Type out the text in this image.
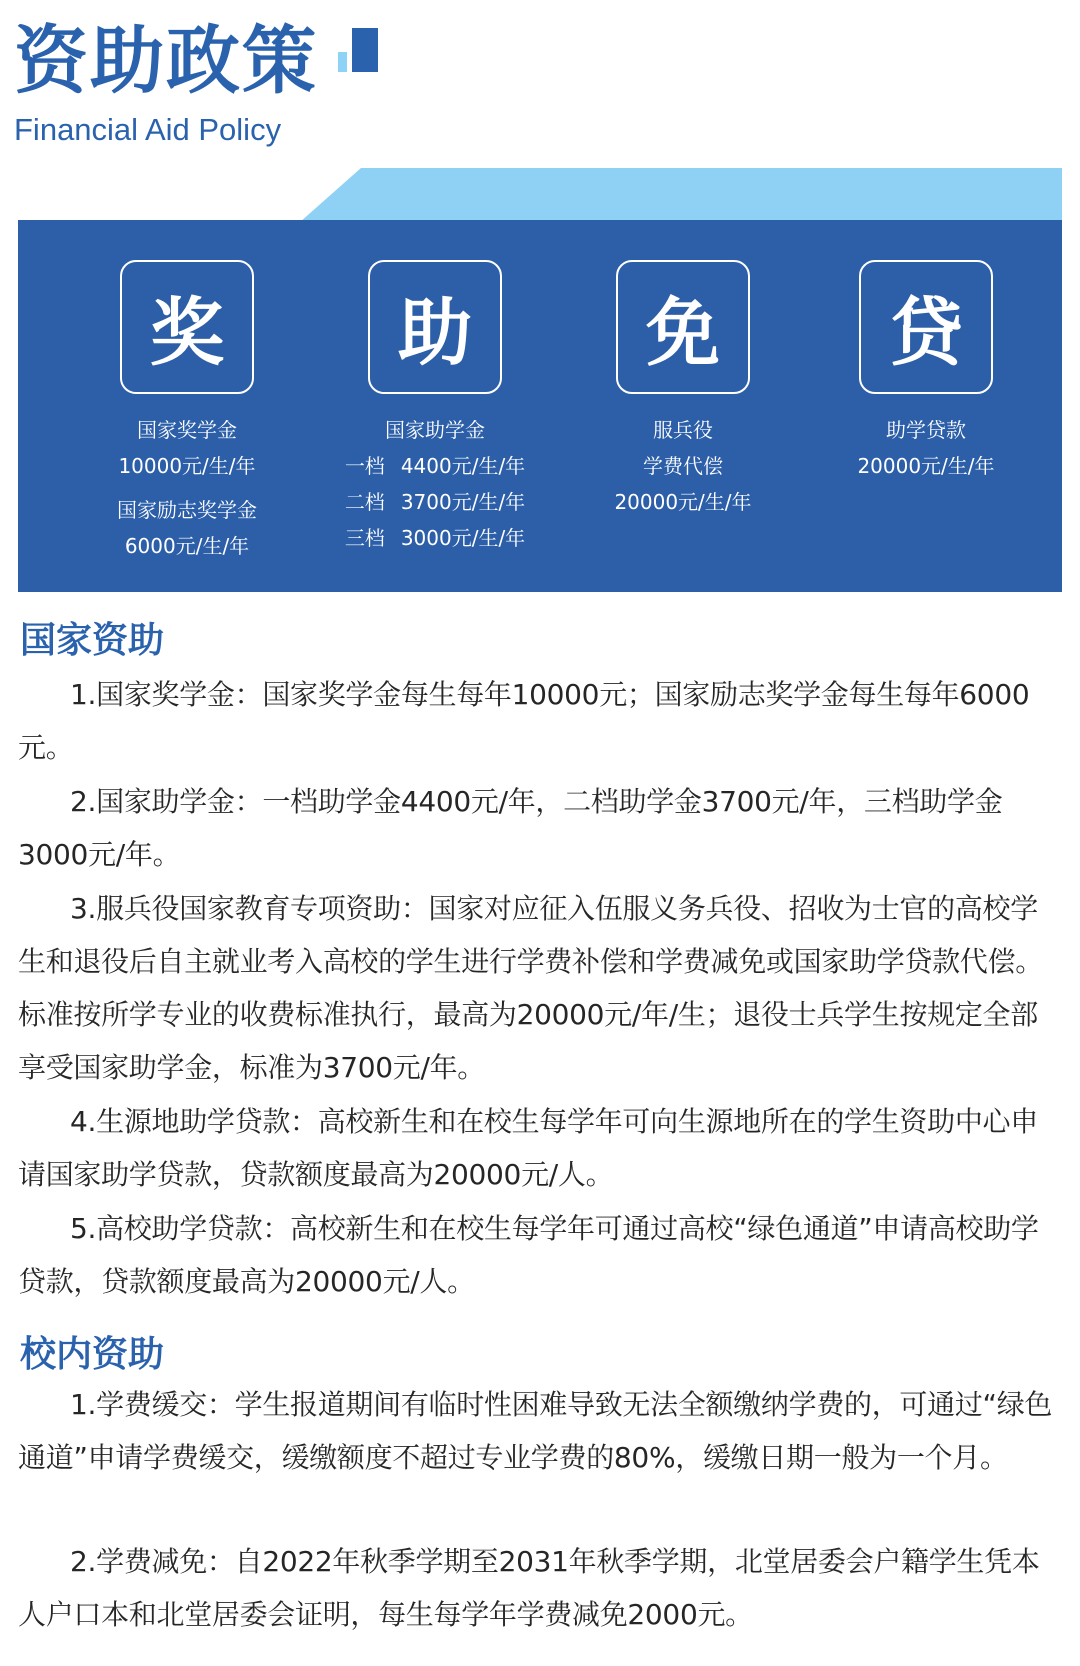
资助政策
Financial Aid Policy
奖
国家奖学金
10000元/生/年
国家励志奖学金
6000元/生/年
助
国家助学金
一档 4400元/生/年
二档 3700元/生/年
三档 3000元/生/年
免
服兵役
学费代偿
20000元/生/年
贷
助学贷款
20000元/生/年
国家资助
1.国家奖学金：国家奖学金每生每年10000元；国家励志奖学金每生每年6000元。
2.国家助学金：一档助学金4400元/年，二档助学金3700元/年，三档助学金3000元/年。
3.服兵役国家教育专项资助：国家对应征入伍服义务兵役、招收为士官的高校学生和退役后自主就业考入高校的学生进行学费补偿和学费减免或国家助学贷款代偿。标准按所学专业的收费标准执行，最高为20000元/年/生；退役士兵学生按规定全部享受国家助学金，标准为3700元/年。
4.生源地助学贷款：高校新生和在校生每学年可向生源地所在的学生资助中心申请国家助学贷款，贷款额度最高为20000元/人。
5.高校助学贷款：高校新生和在校生每学年可通过高校“绿色通道”申请高校助学贷款，贷款额度最高为20000元/人。
校内资助
1.学费缓交：学生报道期间有临时性困难导致无法全额缴纳学费的，可通过“绿色通道”申请学费缓交，缓缴额度不超过专业学费的80%，缓缴日期一般为一个月。
2.学费减免：自2022年秋季学期至2031年秋季学期，北堂居委会户籍学生凭本人户口本和北堂居委会证明，每生每学年学费减免2000元。
